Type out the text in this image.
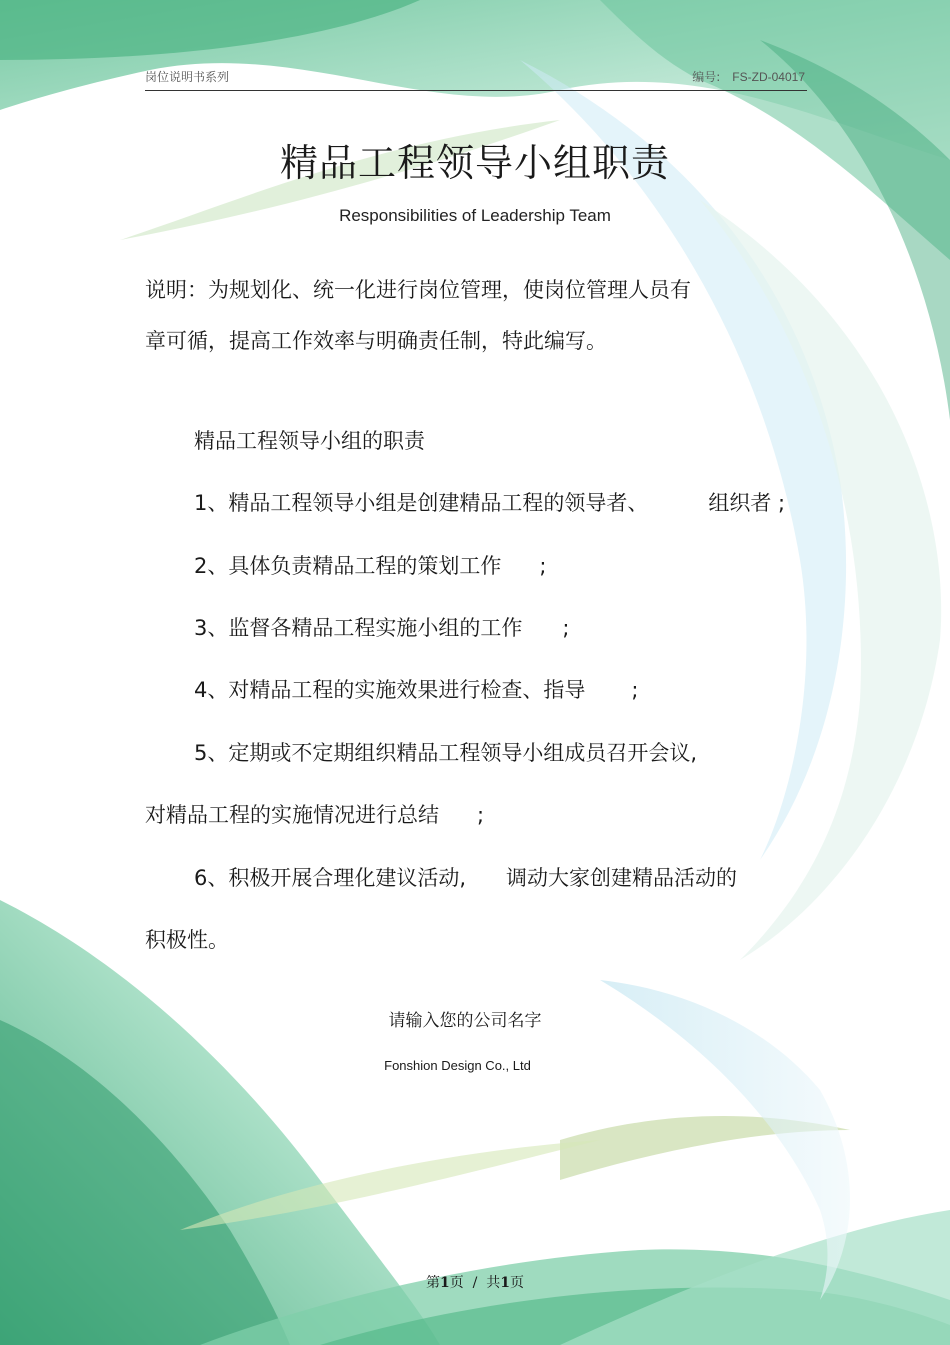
岗位说明书系列	编号: FS-ZD-04017
精品工程领导小组职责
Responsibilities of Leadership Team
说明：为规划化、统一化进行岗位管理，使岗位管理人员有
章可循，提高工作效率与明确责任制，特此编写。
精品工程领导小组的职责
1、精品工程领导小组是创建精品工程的领导者、	组织者 ;
2、具体负责精品工程的策划工作 ;
3、监督各精品工程实施小组的工作 ;
4、对精品工程的实施效果进行检查、指导 ;
5、定期或不定期组织精品工程领导小组成员召开会议,
对精品工程的实施情况进行总结 ;
6、积极开展合理化建议活动, 调动大家创建精品活动的
积极性。
请输入您的公司名字
Fonshion Design Co., Ltd
第1页 / 共1页
